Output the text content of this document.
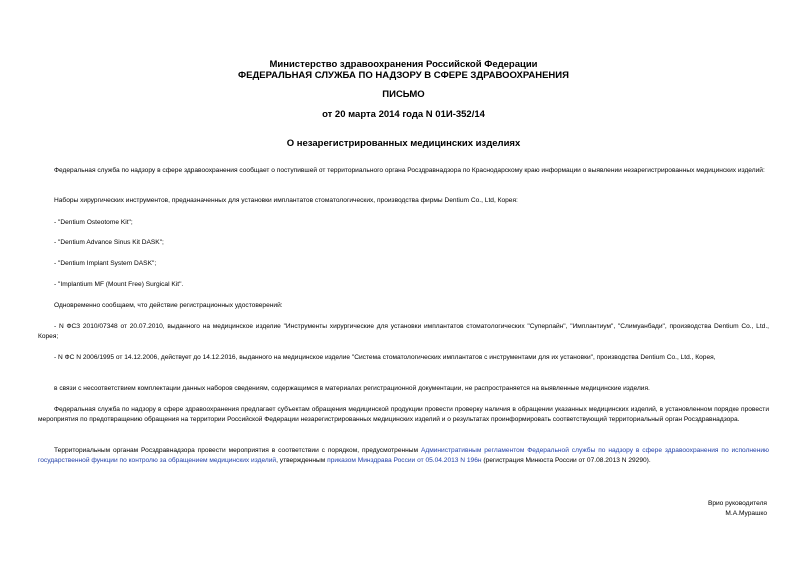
Министерство здравоохранения Российской Федерации

ФЕДЕРАЛЬНАЯ СЛУЖБА ПО НАДЗОРУ В СФЕРЕ ЗДРАВООХРАНЕНИЯ

ПИСЬМО

от 20 марта 2014 года N 01И-352/14

О незарегистрированных медицинских изделиях

Федеральная служба по надзору в сфере здравоохранения сообщает о поступившей от территориального органа Росздравнадзора по Краснодарскому краю информации о выявлении незарегистрированных медицинских изделий:

Наборы хирургических инструментов, предназначенных для установки имплантатов стоматологических, производства фирмы Dentium Co., Ltd, Корея:

- "Dentium Osteotome Kit";

- "Dentium Advance Sinus Kit DASK";

- "Dentium Implant System DASK";

- "Implantium MF (Mount Free) Surgical Kit".

Одновременно сообщаем, что действие регистрационных удостоверений:

- N ФСЗ 2010/07348 от 20.07.2010, выданного на медицинское изделие "Инструменты хирургические для установки имплантатов стоматологических "Суперлайн", "Имплантиум", "Слимуанбади", производства Dentium Co., Ltd., Корея;

- N ФС N 2006/1995 от 14.12.2006, действует до 14.12.2016, выданного на медицинское изделие "Система стоматологических имплантатов с инструментами для их установки", производства Dentium Co., Ltd., Корея,

в связи с несоответствием комплектации данных наборов сведениям, содержащимся в материалах регистрационной документации, не распространяется на выявленные медицинские изделия.

Федеральная служба по надзору в сфере здравоохранения предлагает субъектам обращения медицинской продукции провести проверку наличия в обращении указанных медицинских изделий, в установленном порядке провести мероприятия по предотвращению обращения на территории Российской Федерации незарегистрированных медицинских изделий и о результатах проинформировать соответствующий территориальный орган Росздравнадзора.

Территориальным органам Росздравнадзора провести мероприятия в соответствии с порядком, предусмотренным Административным регламентом Федеральной службы по надзору в сфере здравоохранения по исполнению государственной функции по контролю за обращением медицинских изделий, утвержденным приказом Минздрава России от 05.04.2013 N 196н (регистрация Минюста России от 07.08.2013 N 29290).

Врио руководителя

М.А.Мурашко
